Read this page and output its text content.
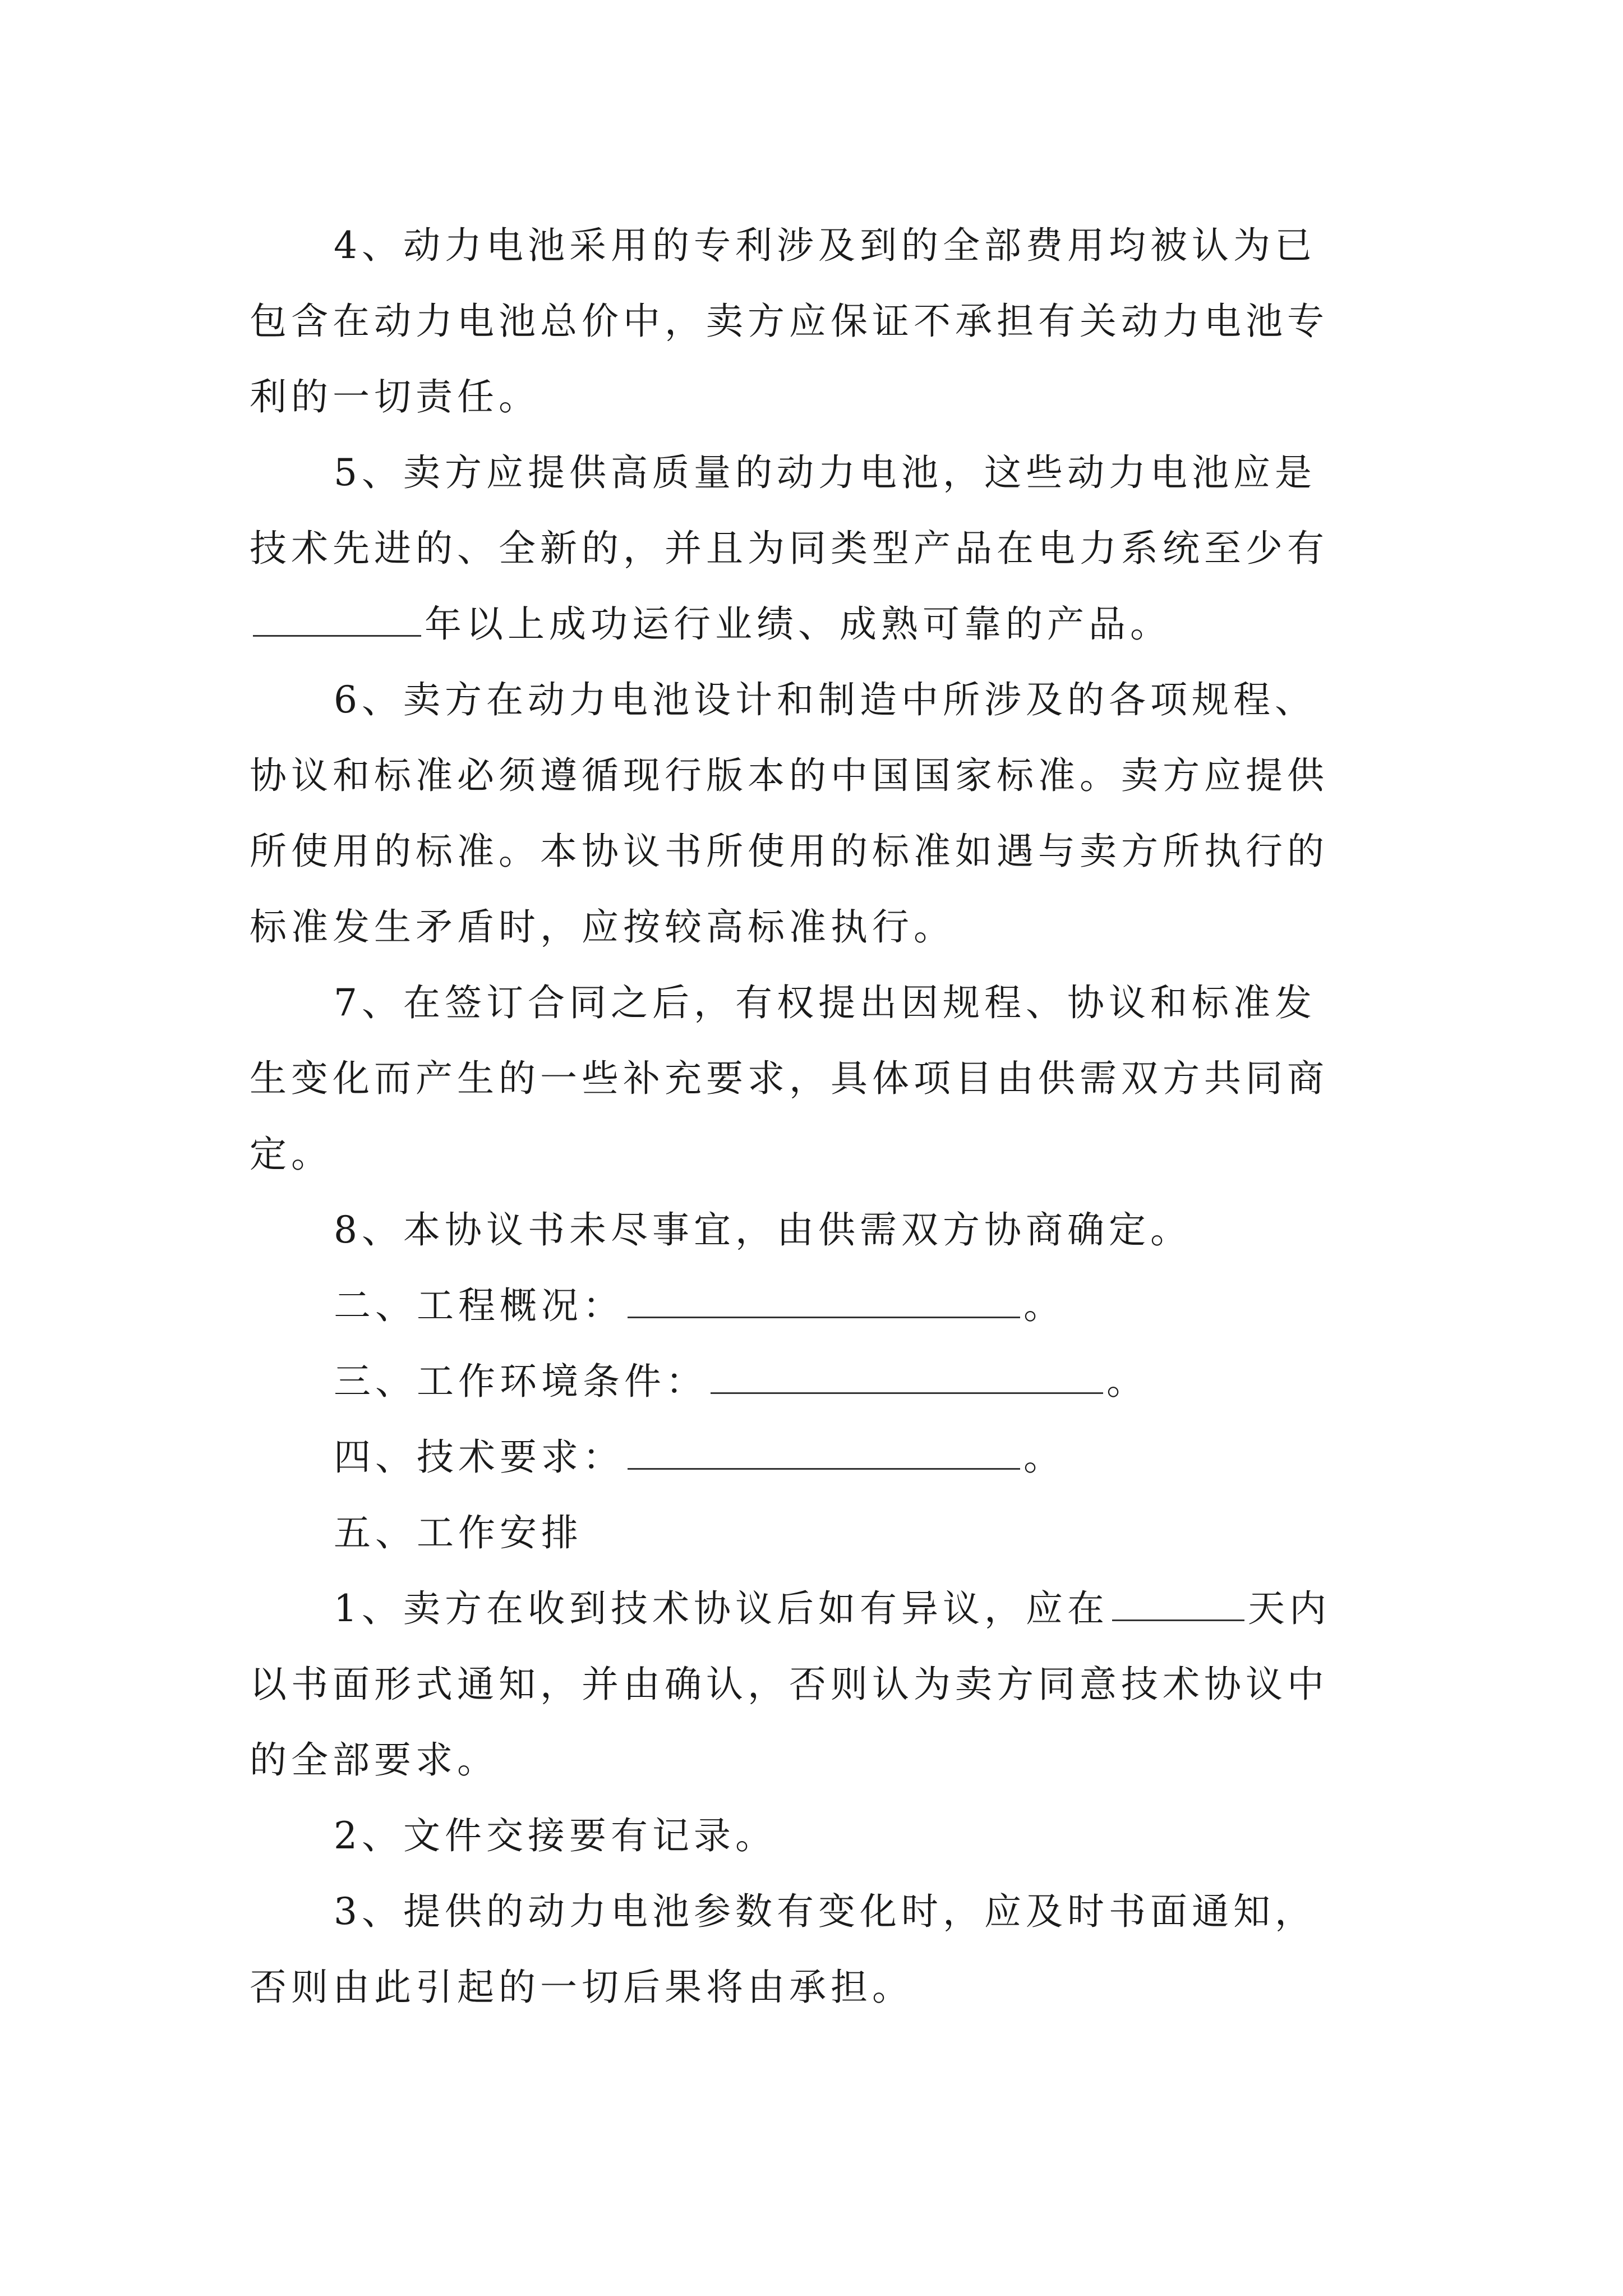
4、动力电池采用的专利涉及到的全部费用均被认为已
包含在动力电池总价中，卖方应保证不承担有关动力电池专
利的一切责任。
5、卖方应提供高质量的动力电池，这些动力电池应是
技术先进的、全新的，并且为同类型产品在电力系统至少有
年以上成功运行业绩、成熟可靠的产品。
6、卖方在动力电池设计和制造中所涉及的各项规程、
协议和标准必须遵循现行版本的中国国家标准。卖方应提供
所使用的标准。本协议书所使用的标准如遇与卖方所执行的
标准发生矛盾时，应按较高标准执行。
7、在签订合同之后，有权提出因规程、协议和标准发
生变化而产生的一些补充要求，具体项目由供需双方共同商
定。
8、本协议书未尽事宜，由供需双方协商确定。
二、工程概况：	。
三、工作环境条件：	。
四、技术要求：	。
五、工作安排
1、卖方在收到技术协议后如有异议，应在	天内
以书面形式通知，并由确认，否则认为卖方同意技术协议中
的全部要求。
2、文件交接要有记录。
3、提供的动力电池参数有变化时，应及时书面通知，
否则由此引起的一切后果将由承担。
